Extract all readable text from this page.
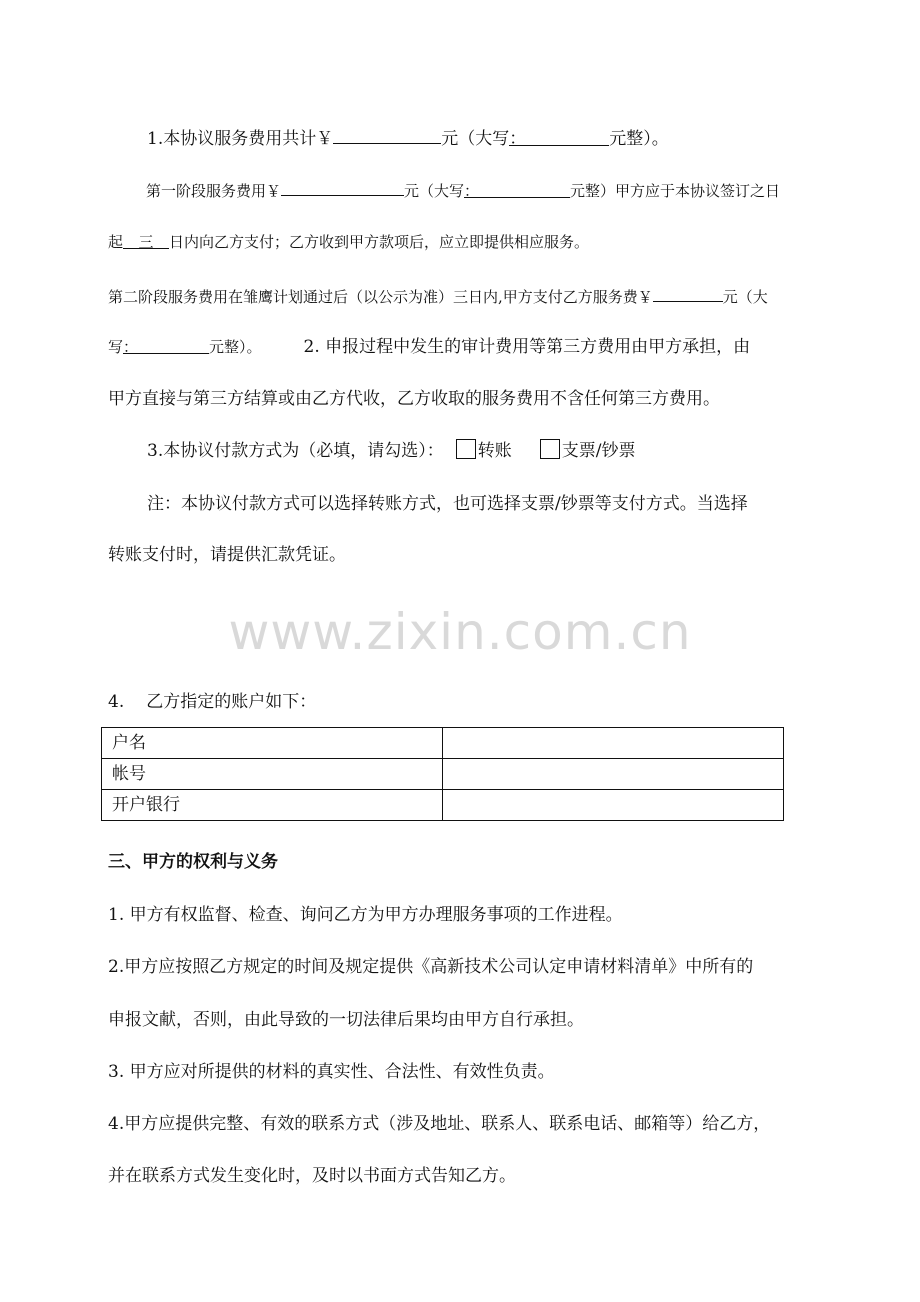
1.本协议服务费用共计￥	元（大写：	元整）。
第一阶段服务费用￥	元（大写：	元整）甲方应于本协议签订之日
起 三 日内向乙方支付；乙方收到甲方款项后，应立即提供相应服务。
第二阶段服务费用在雏鹰计划通过后（以公示为准）三日内,甲方支付乙方服务费￥	元（大
写：	元整）。 2. 申报过程中发生的审计费用等第三方费用由甲方承担，由
甲方直接与第三方结算或由乙方代收，乙方收取的服务费用不含任何第三方费用。
3.本协议付款方式为（必填，请勾选）： 转账	支票/钞票
注：本协议付款方式可以选择转账方式，也可选择支票/钞票等支付方式。当选择
转账支付时，请提供汇款凭证。
www.zixin.com.cn
4. 乙方指定的账户如下：
户名	
帐号	
开户银行	
三、甲方的权利与义务
1. 甲方有权监督、检查、询问乙方为甲方办理服务事项的工作进程。
2.甲方应按照乙方规定的时间及规定提供《高新技术公司认定申请材料清单》中所有的
申报文献，否则，由此导致的一切法律后果均由甲方自行承担。
3. 甲方应对所提供的材料的真实性、合法性、有效性负责。
4.甲方应提供完整、有效的联系方式（涉及地址、联系人、联系电话、邮箱等）给乙方，
并在联系方式发生变化时，及时以书面方式告知乙方。
